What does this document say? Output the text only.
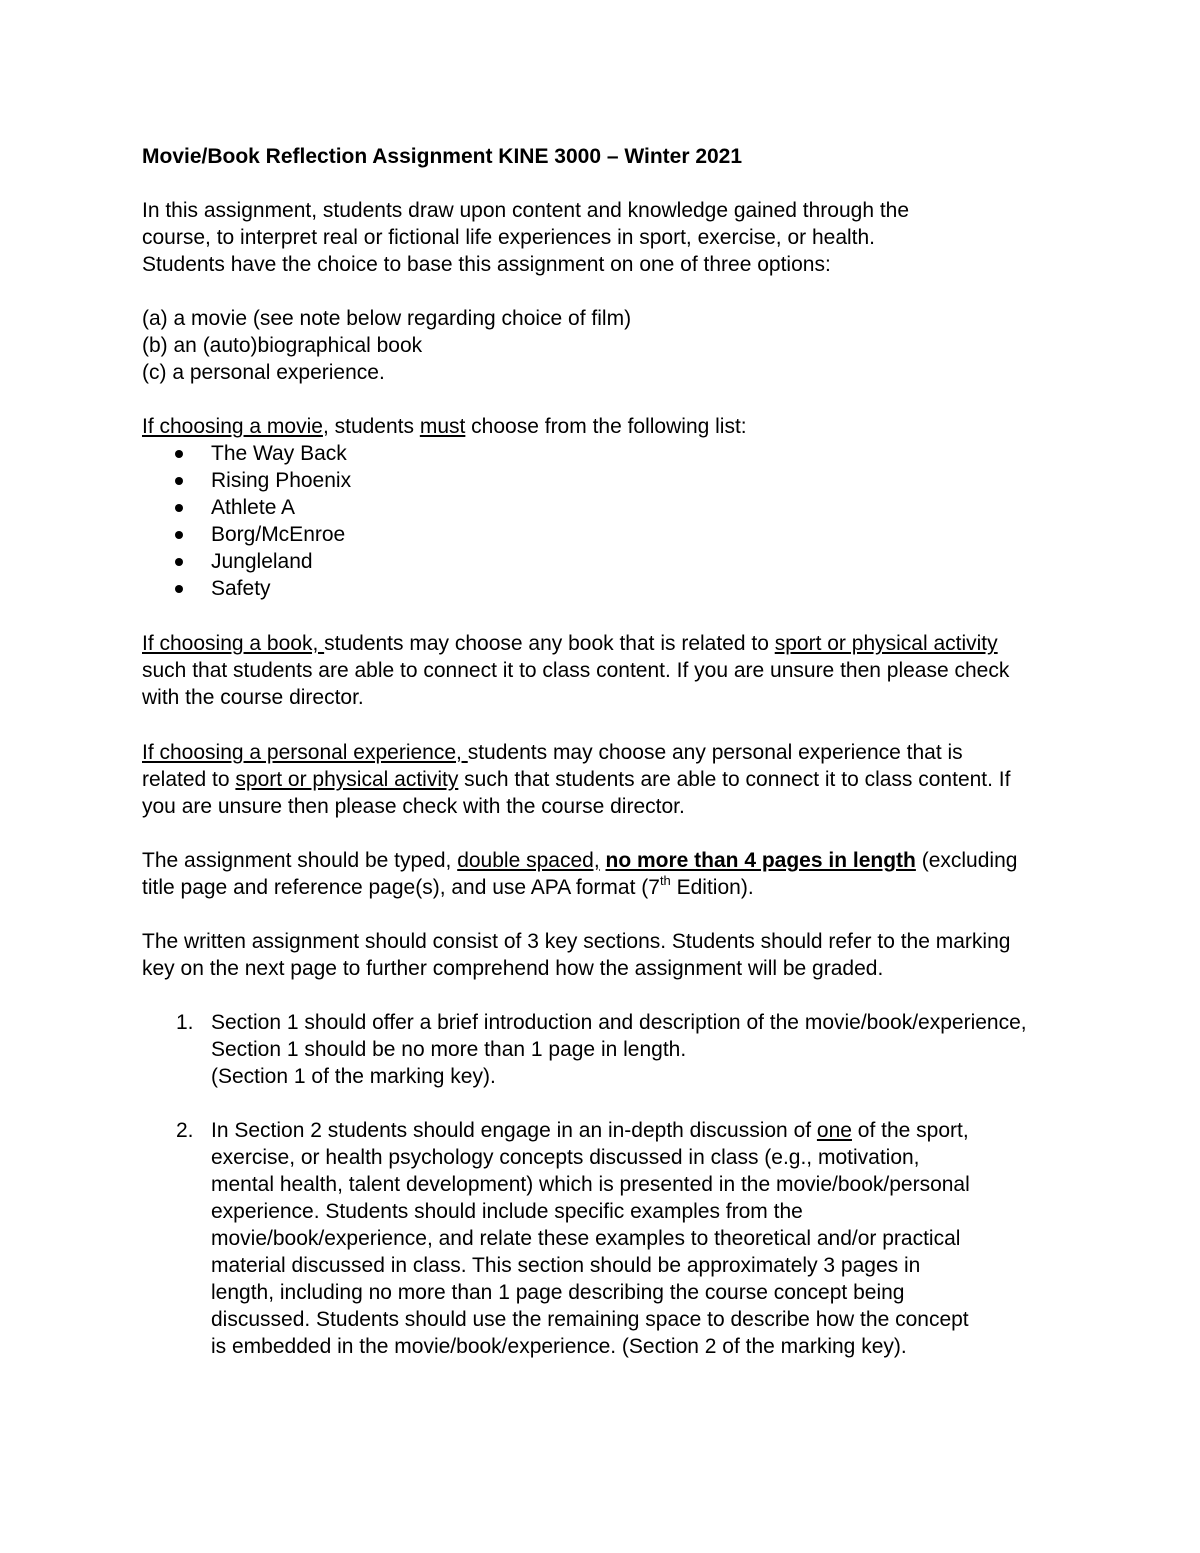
Movie/Book Reflection Assignment KINE 3000 – Winter 2021
In this assignment, students draw upon content and knowledge gained through the
course, to interpret real or fictional life experiences in sport, exercise, or health.
Students have the choice to base this assignment on one of three options:
(a) a movie (see note below regarding choice of film)
(b) an (auto)biographical book
(c) a personal experience.
If choosing a movie, students must choose from the following list:
The Way Back
Rising Phoenix
Athlete A
Borg/McEnroe
Jungleland
Safety
If choosing a book, students may choose any book that is related to sport or physical activity
such that students are able to connect it to class content. If you are unsure then please check
with the course director.
If choosing a personal experience, students may choose any personal experience that is
related to sport or physical activity such that students are able to connect it to class content. If
you are unsure then please check with the course director.
The assignment should be typed, double spaced, no more than 4 pages in length (excluding
title page and reference page(s), and use APA format (7th Edition).
The written assignment should consist of 3 key sections. Students should refer to the marking
key on the next page to further comprehend how the assignment will be graded.
1. Section 1 should offer a brief introduction and description of the movie/book/experience,
Section 1 should be no more than 1 page in length.
(Section 1 of the marking key).
2. In Section 2 students should engage in an in-depth discussion of one of the sport,
exercise, or health psychology concepts discussed in class (e.g., motivation,
mental health, talent development) which is presented in the movie/book/personal
experience. Students should include specific examples from the
movie/book/experience, and relate these examples to theoretical and/or practical
material discussed in class. This section should be approximately 3 pages in
length, including no more than 1 page describing the course concept being
discussed. Students should use the remaining space to describe how the concept
is embedded in the movie/book/experience. (Section 2 of the marking key).
